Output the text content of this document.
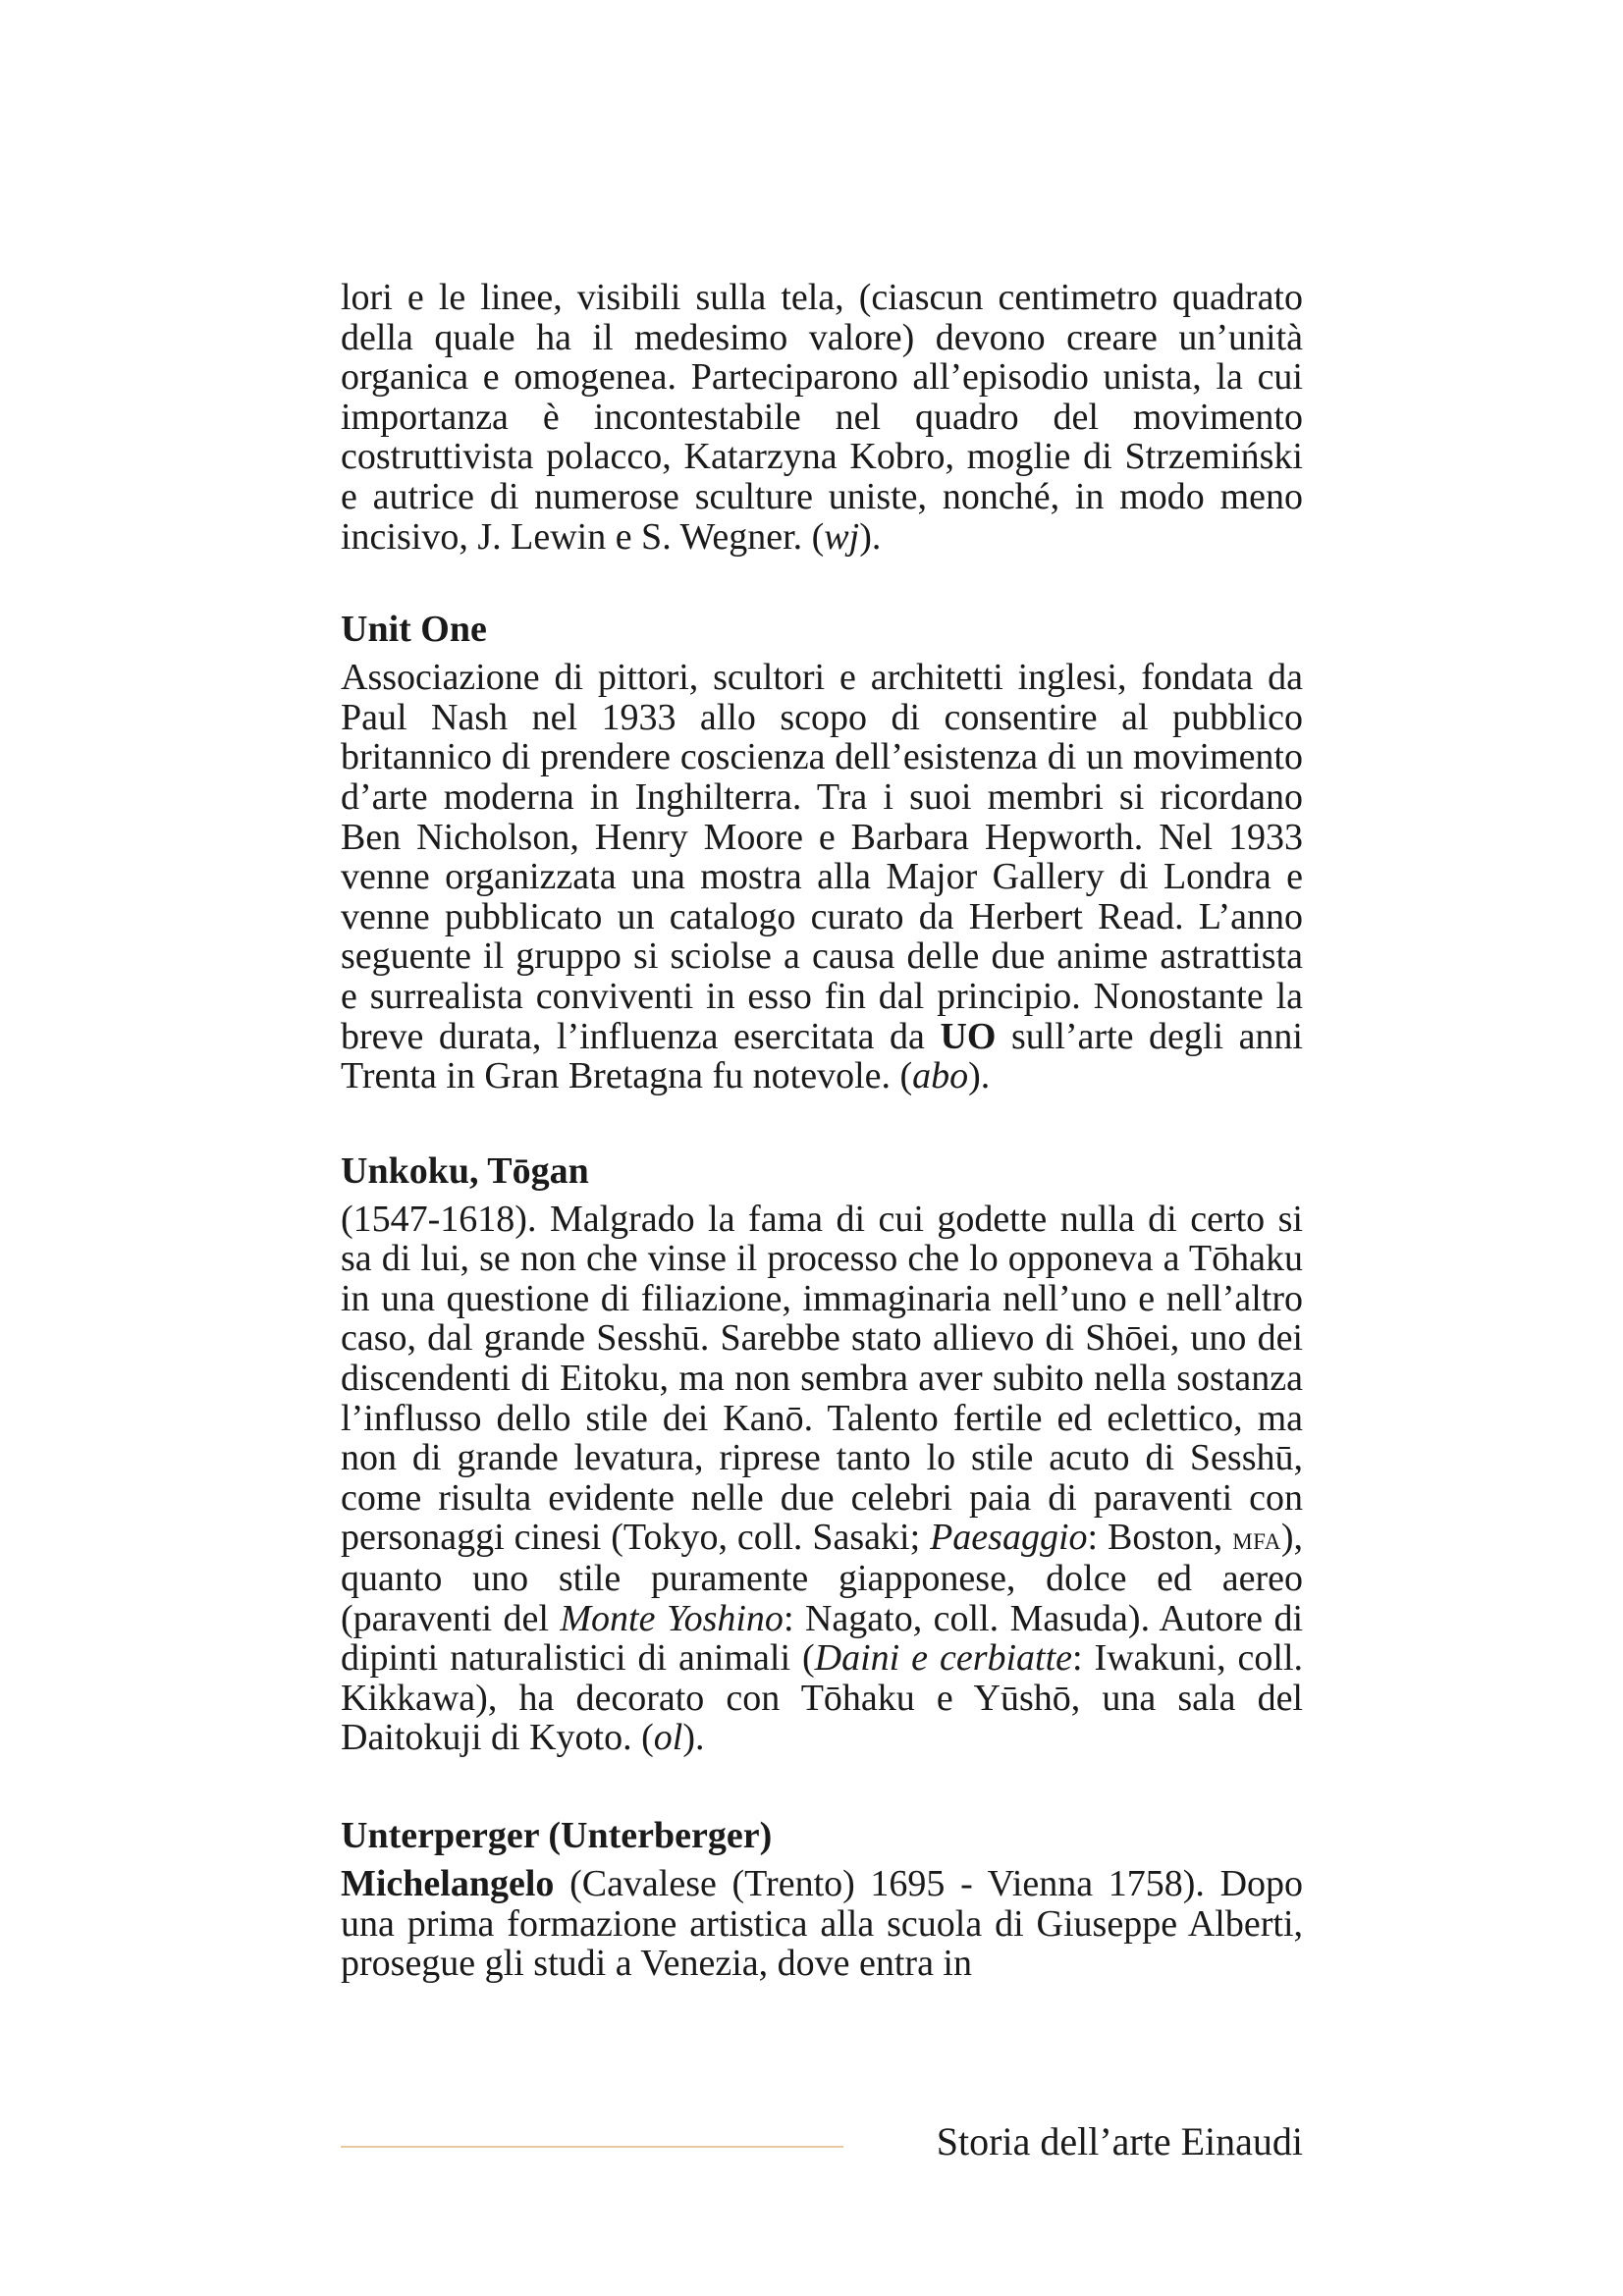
lori e le linee, visibili sulla tela, (ciascun centimetro quadrato della quale ha il medesimo valore) devono creare un’unità organica e omogenea. Parteciparono all’episodio unista, la cui importanza è incontestabile nel quadro del movimento costruttivista polacco, Katarzyna Kobro, moglie di Strzemiński e autrice di numerose sculture uniste, nonché, in modo meno incisivo, J. Lewin e S. Wegner. (wj).

Unit One

Associazione di pittori, scultori e architetti inglesi, fondata da Paul Nash nel 1933 allo scopo di consentire al pubblico britannico di prendere coscienza dell’esistenza di un movimento d’arte moderna in Inghilterra. Tra i suoi membri si ricordano Ben Nicholson, Henry Moore e Barbara Hepworth. Nel 1933 venne organizzata una mostra alla Major Gallery di Londra e venne pubblicato un catalogo curato da Herbert Read. L’anno seguente il gruppo si sciolse a causa delle due anime astrattista e surrealista conviventi in esso fin dal principio. Nonostante la breve durata, l’influenza esercitata da UO sull’arte degli anni Trenta in Gran Bretagna fu notevole. (abo).

Unkoku, Tōgan

(1547-1618). Malgrado la fama di cui godette nulla di certo si sa di lui, se non che vinse il processo che lo opponeva a Tōhaku in una questione di filiazione, immaginaria nell’uno e nell’altro caso, dal grande Sesshū. Sarebbe stato allievo di Shōei, uno dei discendenti di Eitoku, ma non sembra aver subito nella sostanza l’influsso dello stile dei Kanō. Talento fertile ed eclettico, ma non di grande levatura, riprese tanto lo stile acuto di Sesshū, come risulta evidente nelle due celebri paia di paraventi con personaggi cinesi (Tokyo, coll. Sasaki; Paesaggio: Boston, mfa), quanto uno stile puramente giapponese, dolce ed aereo (paraventi del Monte Yoshino: Nagato, coll. Masuda). Autore di dipinti naturalistici di animali (Daini e cerbiatte: Iwakuni, coll. Kikkawa), ha decorato con Tōhaku e Yūshō, una sala del Daitokuji di Kyoto. (ol).

Unterperger (Unterberger)

Michelangelo (Cavalese (Trento) 1695 - Vienna 1758). Dopo una prima formazione artistica alla scuola di Giuseppe Alberti, prosegue gli studi a Venezia, dove entra in

Storia dell’arte Einaudi
